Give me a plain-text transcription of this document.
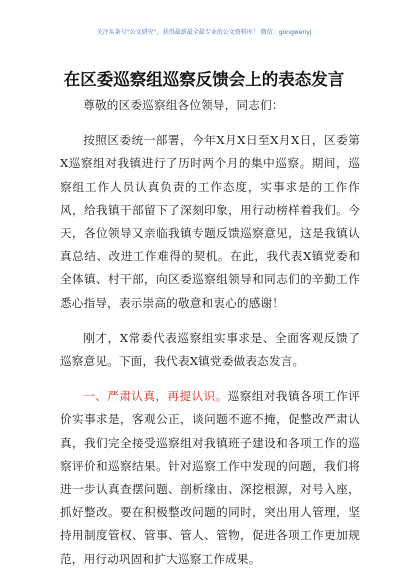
关注头条号“公文研究”，获得最新最全最专业的公文资料库！ 微信：gongwenyj
在区委巡察组巡察反馈会上的表态发言

尊敬的区委巡察组各位领导，同志们：

按照区委统一部署，今年X月X日至X月X日，区委第X巡察组对我镇进行了历时两个月的集中巡察。期间，巡察组工作人员认真负责的工作态度，实事求是的工作作风，给我镇干部留下了深刻印象，用行动榜样着我们。今天，各位领导又亲临我镇专题反馈巡察意见，这是我镇认真总结、改进工作难得的契机。在此，我代表X镇党委和全体镇、村干部，向区委巡察组领导和同志们的辛勤工作悉心指导，表示崇高的敬意和衷心的感谢！

刚才，X常委代表巡察组实事求是、全面客观反馈了巡察意见。下面，我代表X镇党委做表态发言。

一、严肃认真，再提认识。巡察组对我镇各项工作评价实事求是，客观公正，谈问题不遮不掩，促整改严肃认真，我们完全接受巡察组对我镇班子建设和各项工作的巡察评价和巡察结果。针对巡察工作中发现的问题，我们将进一步认真查摆问题、剖析缘由、深挖根源，对号入座，抓好整改。要在积极整改问题的同时，突出用人管理，坚持用制度管权、管事、管人、管物，促进各项工作更加规范，用行动巩固和扩大巡察工作成果。
